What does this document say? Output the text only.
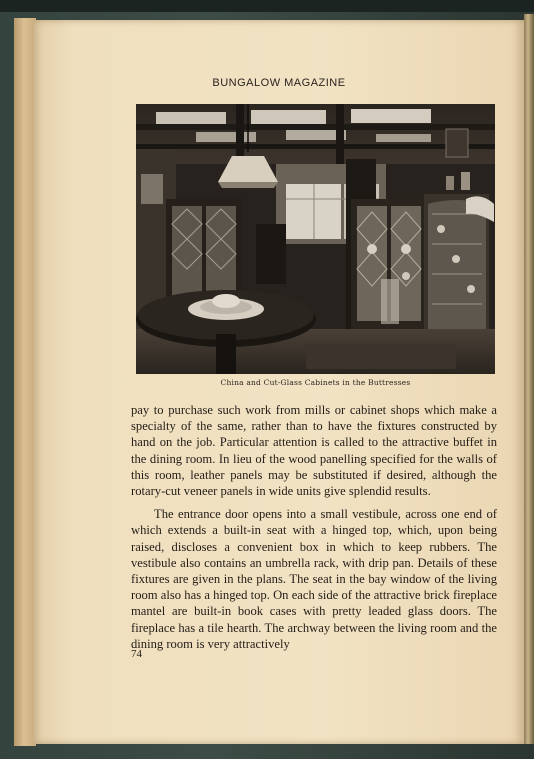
BUNGALOW MAGAZINE
China and Cut-Glass Cabinets in the Buttresses

pay to purchase such work from mills or cabinet shops which make a specialty of the same, rather than to have the fixtures constructed by hand on the job. Particular attention is called to the attractive buffet in the dining room. In lieu of the wood panelling specified for the walls of this room, leather panels may be substituted if desired, although the rotary-cut veneer panels in wide units give splendid results.

The entrance door opens into a small vestibule, across one end of which extends a built-in seat with a hinged top, which, upon being raised, discloses a convenient box in which to keep rubbers. The vestibule also contains an umbrella rack, with drip pan. Details of these fixtures are given in the plans. The seat in the bay window of the living room also has a hinged top. On each side of the attractive brick fireplace mantel are built-in book cases with pretty leaded glass doors. The fireplace has a tile hearth. The archway between the living room and the dining room is very attractively

74
